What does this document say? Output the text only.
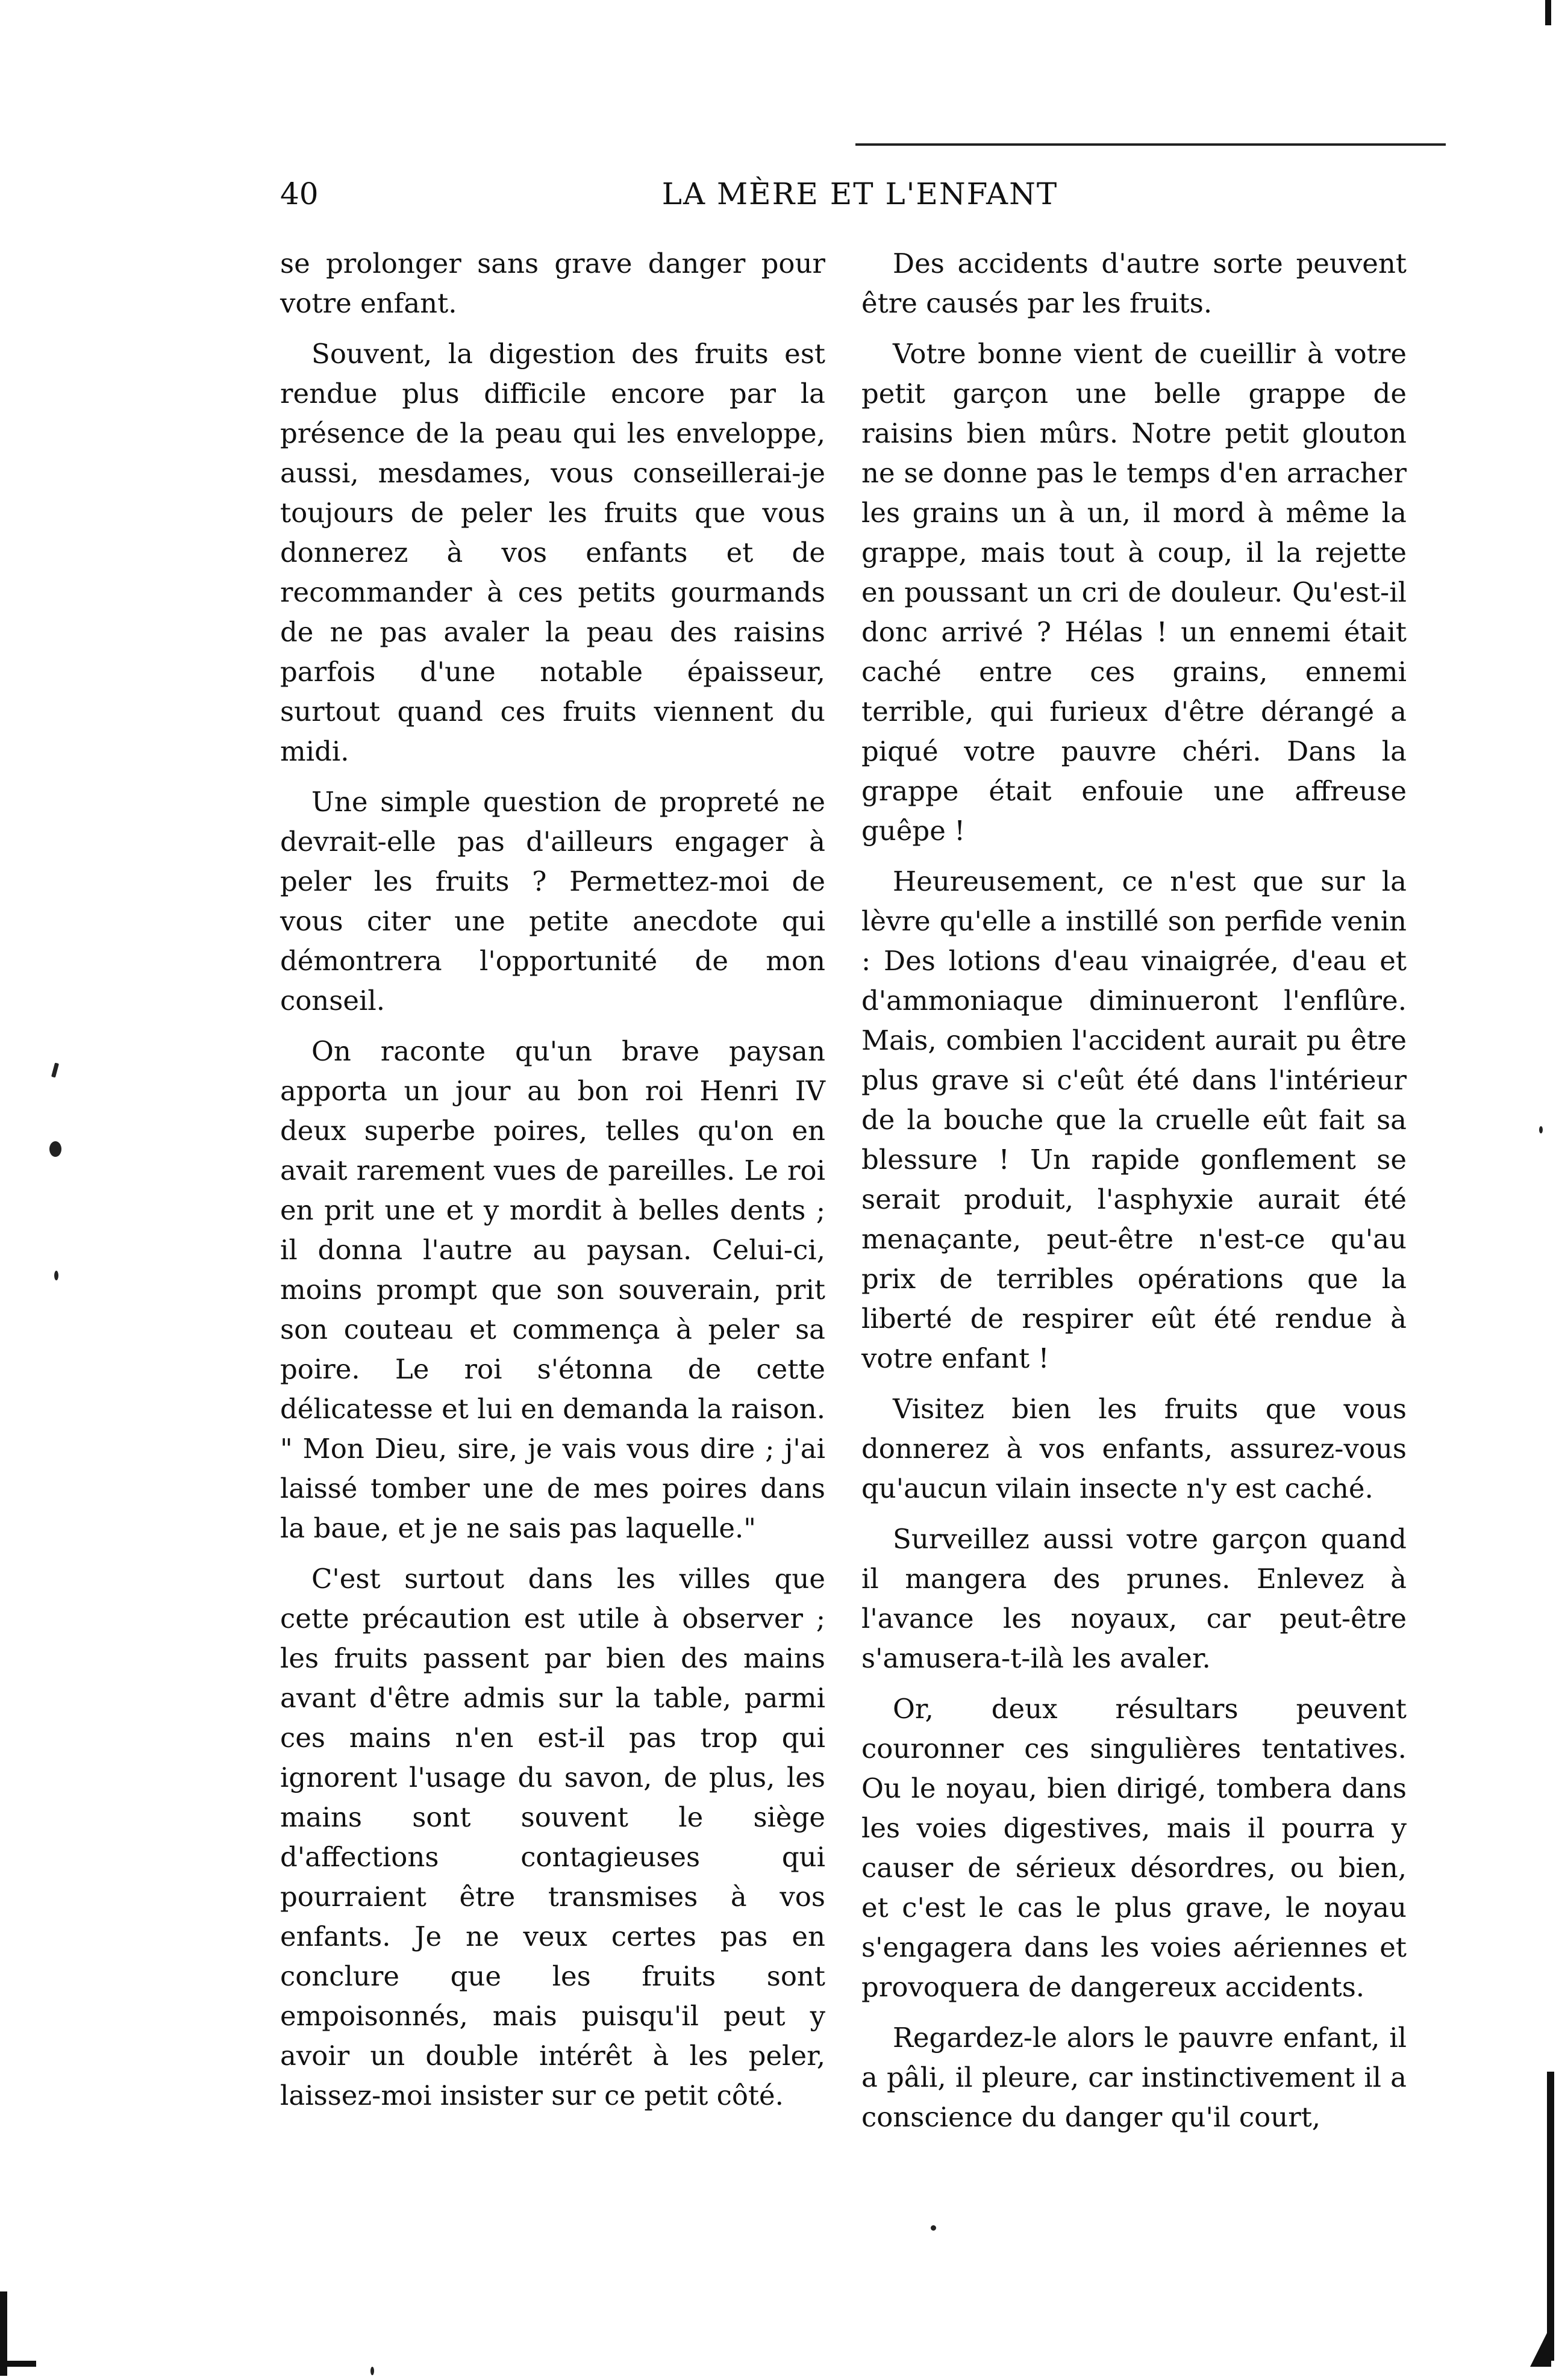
40	LA MÈRE ET L'ENFANT

se prolonger sans grave danger pour votre enfant.

Souvent, la digestion des fruits est rendue plus difficile encore par la présence de la peau qui les enveloppe, aussi, mesdames, vous conseillerai-je toujours de peler les fruits que vous donnerez à vos enfants et de recommander à ces petits gourmands de ne pas avaler la peau des raisins parfois d'une notable épaisseur, surtout quand ces fruits viennent du midi.

Une simple question de propreté ne devrait-elle pas d'ailleurs engager à peler les fruits ? Permettez-moi de vous citer une petite anecdote qui démontrera l'opportunité de mon conseil.

On raconte qu'un brave paysan apporta un jour au bon roi Henri IV deux superbe poires, telles qu'on en avait rarement vues de pareilles. Le roi en prit une et y mordit à belles dents ; il donna l'autre au paysan. Celui-ci, moins prompt que son souverain, prit son couteau et commença à peler sa poire. Le roi s'étonna de cette délicatesse et lui en demanda la raison. " Mon Dieu, sire, je vais vous dire ; j'ai laissé tomber une de mes poires dans la baue, et je ne sais pas laquelle."

C'est surtout dans les villes que cette précaution est utile à observer ; les fruits passent par bien des mains avant d'être admis sur la table, parmi ces mains n'en est-il pas trop qui ignorent l'usage du savon, de plus, les mains sont souvent le siège d'affections contagieuses qui pourraient être transmises à vos enfants. Je ne veux certes pas en conclure que les fruits sont empoisonnés, mais puisqu'il peut y avoir un double intérêt à les peler, laissez-moi insister sur ce petit côté.

Des accidents d'autre sorte peuvent être causés par les fruits.

Votre bonne vient de cueillir à votre petit garçon une belle grappe de raisins bien mûrs. Notre petit glouton ne se donne pas le temps d'en arracher les grains un à un, il mord à même la grappe, mais tout à coup, il la rejette en poussant un cri de douleur. Qu'est-il donc arrivé ? Hélas ! un ennemi était caché entre ces grains, ennemi terrible, qui furieux d'être dérangé a piqué votre pauvre chéri. Dans la grappe était enfouie une affreuse guêpe !

Heureusement, ce n'est que sur la lèvre qu'elle a instillé son perfide venin : Des lotions d'eau vinaigrée, d'eau et d'ammoniaque diminueront l'enflûre. Mais, combien l'accident aurait pu être plus grave si c'eût été dans l'intérieur de la bouche que la cruelle eût fait sa blessure ! Un rapide gonflement se serait produit, l'asphyxie aurait été menaçante, peut-être n'est-ce qu'au prix de terribles opérations que la liberté de respirer eût été rendue à votre enfant !

Visitez bien les fruits que vous donnerez à vos enfants, assurez-vous qu'aucun vilain insecte n'y est caché.

Surveillez aussi votre garçon quand il mangera des prunes. Enlevez à l'avance les noyaux, car peut-être s'amusera-t-ilà les avaler.

Or, deux résultars peuvent couronner ces singulières tentatives. Ou le noyau, bien dirigé, tombera dans les voies digestives, mais il pourra y causer de sérieux désordres, ou bien, et c'est le cas le plus grave, le noyau s'engagera dans les voies aériennes et provoquera de dangereux accidents.

Regardez-le alors le pauvre enfant, il a pâli, il pleure, car instinctivement il a conscience du danger qu'il court,
